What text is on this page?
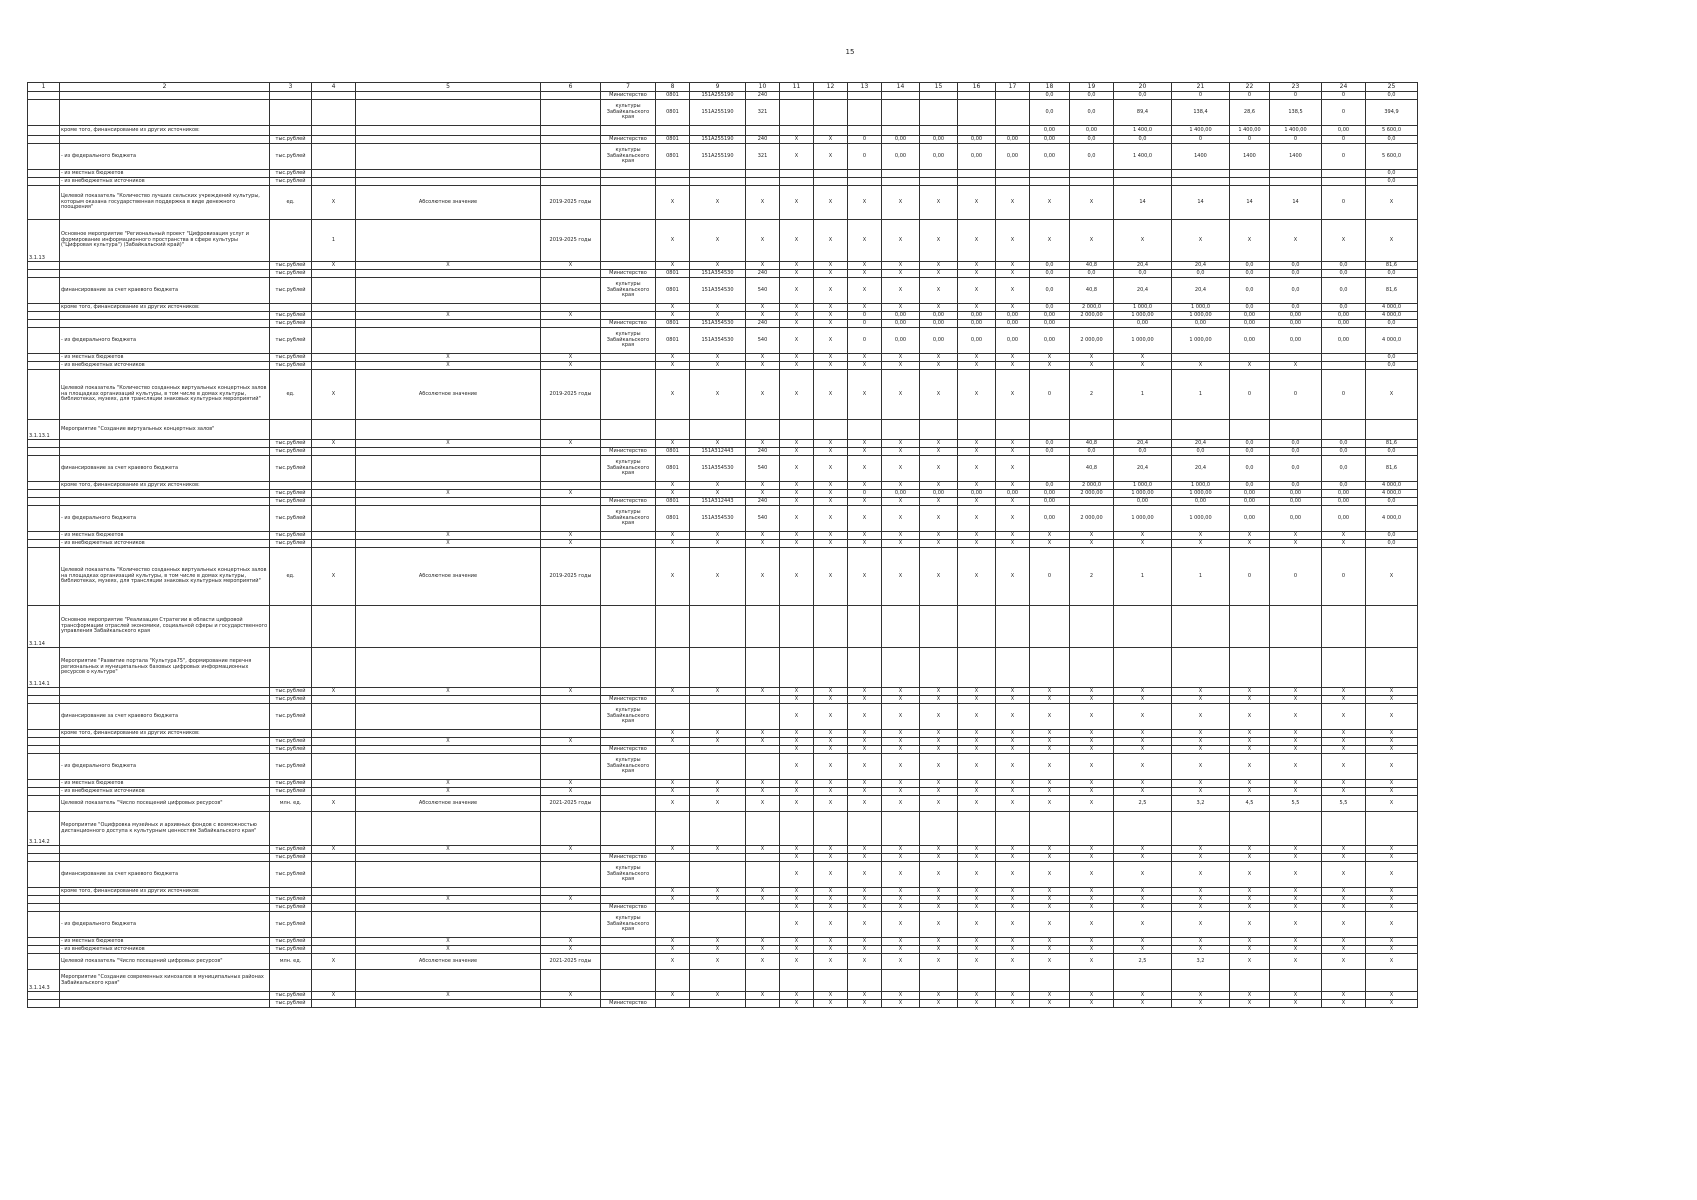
15
1	2	3	4	5	6	7	8	9	10	11	12	13	14	15	16	17	18	19	20	21	22	23	24	25
						Министерство	0801	151А255190	240								0,0	0,0	0,0	0	0	0	0	0,0
						культуры Забайкальского края	0801	151А255190	321								0,0	0,0	89,4	138,4	28,6	138,5	0	394,9
	кроме того, финансирование из других источников:																0,00	0,00	1 400,0	1 400,00	1 400,00	1 400,00	0,00	5 600,0
		тыс.рублей				Министерство	0801	151А255190	240	Х	Х	0	0,00	0,00	0,00	0,00	0,00	0,0	0,0	0	0	0	0	0,0
	- из федерального бюджета	тыс.рублей				культуры Забайкальского края	0801	151А255190	321	Х	Х	0	0,00	0,00	0,00	0,00	0,00	0,0	1 400,0	1400	1400	1400	0	5 600,0
	- из местных бюджетов	тыс.рублей																						0,0
	- из внебюджетных источников	тыс.рублей																						0,0
	Целевой показатель "Количество лучших сельских учреждений культуры, которым оказана государственная поддержка в виде денежного поощрения"	ед.	Х	Абсолютное значение	2019-2025 годы		Х	Х	Х	Х	Х	Х	Х	Х	Х	Х	Х	Х	14	14	14	14	0	Х
3.1.13	Основное мероприятие "Региональный проект "Цифровизация услуг и формирование информационного пространства в сфере культуры ("Цифровая культура") (Забайкальский край)"		1		2019-2025 годы		Х	Х	Х	Х	Х	Х	Х	Х	Х	Х	Х	Х	Х	Х	Х	Х	Х	Х
		тыс.рублей	Х	Х	Х		Х	Х	Х	Х	Х	Х	Х	Х	Х	Х	0,0	40,8	20,4	20,4	0,0	0,0	0,0	81,6
		тыс.рублей				Министерство	0801	151А354530	240	Х	Х	Х	Х	Х	Х	Х	0,0	0,0	0,0	0,0	0,0	0,0	0,0	0,0
	финансирование за счет краевого бюджета	тыс.рублей				культуры Забайкальского края	0801	151А354530	540	Х	Х	Х	Х	Х	Х	Х	0,0	40,8	20,4	20,4	0,0	0,0	0,0	81,6
	кроме того, финансирование из других источников:						Х	Х	Х	Х	Х	Х	Х	Х	Х	Х	0,0	2 000,0	1 000,0	1 000,0	0,0	0,0	0,0	4 000,0
		тыс.рублей		Х	Х		Х	Х	Х	Х	Х	0	0,00	0,00	0,00	0,00	0,00	2 000,00	1 000,00	1 000,00	0,00	0,00	0,00	4 000,0
		тыс.рублей				Министерство	0801	151А354530	240	Х	Х	0	0,00	0,00	0,00	0,00	0,00		0,00	0,00	0,00	0,00	0,00	0,0
	- из федерального бюджета	тыс.рублей				культуры Забайкальского края	0801	151А354530	540	Х	Х	0	0,00	0,00	0,00	0,00	0,00	2 000,00	1 000,00	1 000,00	0,00	0,00	0,00	4 000,0
	- из местных бюджетов	тыс.рублей		Х	Х		Х	Х	Х	Х	Х	Х	Х	Х	Х	Х	Х	Х	Х					0,0
	- из внебюджетных источников	тыс.рублей		Х	Х		Х	Х	Х	Х	Х	Х	Х	Х	Х	Х	Х	Х	Х	Х	Х	Х		0,0
	Целевой показатель "Количество созданных виртуальных концертных залов на площадках организаций культуры, в том числе в домах культуры, библиотеках, музеях, для трансляции знаковых культурных мероприятий"	ед.	Х	Абсолютное значение	2019-2025 годы		Х	Х	Х	Х	Х	Х	Х	Х	Х	Х	0	2	1	1	0	0	0	Х
3.1.13.1	Мероприятие "Создание виртуальных концертных залов"																							
		тыс.рублей	Х	Х	Х		Х	Х	Х	Х	Х	Х	Х	Х	Х	Х	0,0	40,8	20,4	20,4	0,0	0,0	0,0	81,6
		тыс.рублей				Министерство	0801	151А312443	240	Х	Х	Х	Х	Х	Х	Х	0,0	0,0	0,0	0,0	0,0	0,0	0,0	0,0
	финансирование за счет краевого бюджета	тыс.рублей				культуры Забайкальского края	0801	151А354530	540	Х	Х	Х	Х	Х	Х	Х		40,8	20,4	20,4	0,0	0,0	0,0	81,6
	кроме того, финансирование из других источников:						Х	Х	Х	Х	Х	Х	Х	Х	Х	Х	0,0	2 000,0	1 000,0	1 000,0	0,0	0,0	0,0	4 000,0
		тыс.рублей		Х	Х		Х	Х	Х	Х	Х	0	0,00	0,00	0,00	0,00	0,00	2 000,00	1 000,00	1 000,00	0,00	0,00	0,00	4 000,0
		тыс.рублей				Министерство	0801	151А312443	240	Х	Х	Х	Х	Х	Х	Х	0,00		0,00	0,00	0,00	0,00	0,00	0,0
	- из федерального бюджета	тыс.рублей				культуры Забайкальского края	0801	151А354530	540	Х	Х	Х	Х	Х	Х	Х	0,00	2 000,00	1 000,00	1 000,00	0,00	0,00	0,00	4 000,0
	- из местных бюджетов	тыс.рублей		Х	Х		Х	Х	Х	Х	Х	Х	Х	Х	Х	Х	Х	Х	Х	Х	Х	Х	Х	0,0
	- из внебюджетных источников	тыс.рублей		Х	Х		Х	Х	Х	Х	Х	Х	Х	Х	Х	Х	Х	Х	Х	Х	Х	Х	Х	0,0
	Целевой показатель "Количество созданных виртуальных концертных залов на площадках организаций культуры, в том числе в домах культуры, библиотеках, музеях, для трансляции знаковых культурных мероприятий"	ед.	Х	Абсолютное значение	2019-2025 годы		Х	Х	Х	Х	Х	Х	Х	Х	Х	Х	0	2	1	1	0	0	0	Х
3.1.14	Основное мероприятие "Реализация Стратегии в области цифровой трансформации отраслей экономики, социальной сферы и государственного управления Забайкальского края																							
3.1.14.1	Мероприятие "Развитие портала "Культура75", формирование перечня региональных и муниципальных базовых цифровых информационных ресурсов о культуре"																							
		тыс.рублей	Х	Х	Х		Х	Х	Х	Х	Х	Х	Х	Х	Х	Х	Х	Х	Х	Х	Х	Х	Х	Х
		тыс.рублей				Министерство				Х	Х	Х	Х	Х	Х	Х	Х	Х	Х	Х	Х	Х	Х	Х
	финансирование за счет краевого бюджета	тыс.рублей				культуры Забайкальского края				Х	Х	Х	Х	Х	Х	Х	Х	Х	Х	Х	Х	Х	Х	Х
	кроме того, финансирование из других источников:						Х	Х	Х	Х	Х	Х	Х	Х	Х	Х	Х	Х	Х	Х	Х	Х	Х	Х
		тыс.рублей		Х	Х		Х	Х	Х	Х	Х	Х	Х	Х	Х	Х	Х	Х	Х	Х	Х	Х	Х	Х
		тыс.рублей				Министерство				Х	Х	Х	Х	Х	Х	Х	Х	Х	Х	Х	Х	Х	Х	Х
	- из федерального бюджета	тыс.рублей				культуры Забайкальского края				Х	Х	Х	Х	Х	Х	Х	Х	Х	Х	Х	Х	Х	Х	Х
	- из местных бюджетов	тыс.рублей		Х	Х		Х	Х	Х	Х	Х	Х	Х	Х	Х	Х	Х	Х	Х	Х	Х	Х	Х	Х
	- из внебюджетных источников	тыс.рублей		Х	Х		Х	Х	Х	Х	Х	Х	Х	Х	Х	Х	Х	Х	Х	Х	Х	Х	Х	Х
	Целевой показатель "Число посещений цифровых ресурсов"	млн. ед.	Х	Абсолютное значение	2021-2025 годы		Х	Х	Х	Х	Х	Х	Х	Х	Х	Х	Х	Х	2,5	3,2	4,5	5,5	5,5	Х
3.1.14.2	Мероприятие "Оцифровка музейных и архивных фондов с возможностью дистанционного доступа к культурным ценностям Забайкальского края"																							
		тыс.рублей	Х	Х	Х		Х	Х	Х	Х	Х	Х	Х	Х	Х	Х	Х	Х	Х	Х	Х	Х	Х	Х
		тыс.рублей				Министерство				Х	Х	Х	Х	Х	Х	Х	Х	Х	Х	Х	Х	Х	Х	Х
	финансирование за счет краевого бюджета	тыс.рублей				культуры Забайкальского края				Х	Х	Х	Х	Х	Х	Х	Х	Х	Х	Х	Х	Х	Х	Х
	кроме того, финансирование из других источников:						Х	Х	Х	Х	Х	Х	Х	Х	Х	Х	Х	Х	Х	Х	Х	Х	Х	Х
		тыс.рублей		Х	Х		Х	Х	Х	Х	Х	Х	Х	Х	Х	Х	Х	Х	Х	Х	Х	Х	Х	Х
		тыс.рублей				Министерство				Х	Х	Х	Х	Х	Х	Х	Х	Х	Х	Х	Х	Х	Х	Х
	- из федерального бюджета	тыс.рублей				культуры Забайкальского края				Х	Х	Х	Х	Х	Х	Х	Х	Х	Х	Х	Х	Х	Х	Х
	- из местных бюджетов	тыс.рублей		Х	Х		Х	Х	Х	Х	Х	Х	Х	Х	Х	Х	Х	Х	Х	Х	Х	Х	Х	Х
	- из внебюджетных источников	тыс.рублей		Х	Х		Х	Х	Х	Х	Х	Х	Х	Х	Х	Х	Х	Х	Х	Х	Х	Х	Х	Х
	Целевой показатель "Число посещений цифровых ресурсов"	млн. ед.	Х	Абсолютное значение	2021-2025 годы		Х	Х	Х	Х	Х	Х	Х	Х	Х	Х	Х	Х	2,5	3,2	Х	Х	Х	Х
3.1.14.3	Мероприятие "Создание современных кинозалов в муниципальных районах Забайкальского края"																							
		тыс.рублей	Х	Х	Х		Х	Х	Х	Х	Х	Х	Х	Х	Х	Х	Х	Х	Х	Х	Х	Х	Х	Х
		тыс.рублей				Министерство				Х	Х	Х	Х	Х	Х	Х	Х	Х	Х	Х	Х	Х	Х	Х
